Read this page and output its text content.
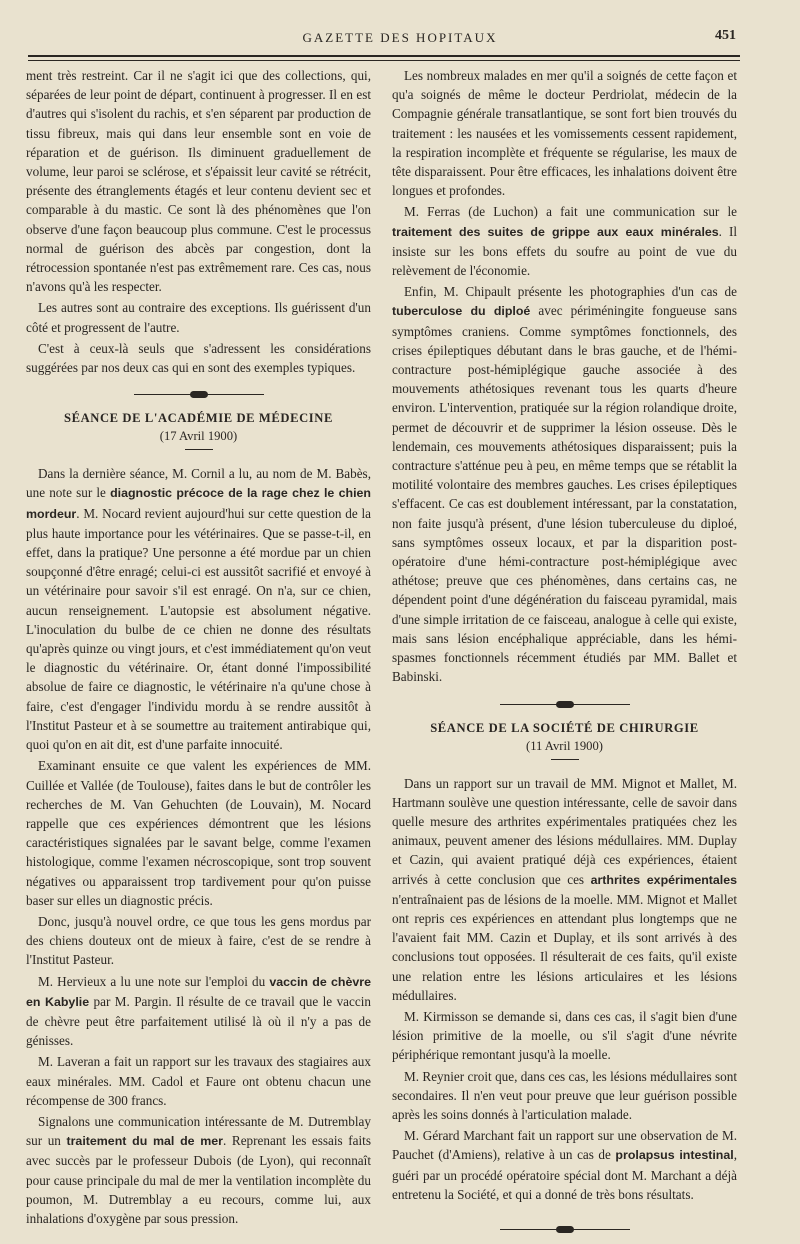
GAZETTE DES HOPITAUX	451

ment très restreint. Car il ne s'agit ici que des collections, qui, séparées de leur point de départ, continuent à progresser. Il en est d'autres qui s'isolent du rachis, et s'en séparent par production de tissu fibreux, mais qui dans leur ensemble sont en voie de réparation et de guérison. Ils diminuent graduellement de volume, leur paroi se sclérose, et s'épaissit leur cavité se rétrécit, présente des étranglements étagés et leur contenu devient sec et comparable à du mastic. Ce sont là des phénomènes que l'on observe d'une façon beaucoup plus commune. C'est le processus normal de guérison des abcès par congestion, dont la rétrocession spontanée n'est pas extrêmement rare. Ces cas, nous n'avons qu'à les respecter.

Les autres sont au contraire des exceptions. Ils guérissent d'un côté et progressent de l'autre.

C'est à ceux-là seuls que s'adressent les considérations suggérées par nos deux cas qui en sont des exemples typiques.

SÉANCE DE L'ACADÉMIE DE MÉDECINE
(17 Avril 1900)

Dans la dernière séance, M. Cornil a lu, au nom de M. Babès, une note sur le diagnostic précoce de la rage chez le chien mordeur. M. Nocard revient aujourd'hui sur cette question de la plus haute importance pour les vétérinaires. Que se passe-t-il, en effet, dans la pratique? Une personne a été mordue par un chien soupçonné d'être enragé; celui-ci est aussitôt sacrifié et envoyé à un vétérinaire pour savoir s'il est enragé. On n'a, sur ce chien, aucun renseignement. L'autopsie est absolument négative. L'inoculation du bulbe de ce chien ne donne des résultats qu'après quinze ou vingt jours, et c'est immédiatement qu'on veut le diagnostic du vétérinaire. Or, étant donné l'impossibilité absolue de faire ce diagnostic, le vétérinaire n'a qu'une chose à faire, c'est d'engager l'individu mordu à se rendre aussitôt à l'Institut Pasteur et à se soumettre au traitement antirabique qui, quoi qu'on en ait dit, est d'une parfaite innocuité.

Examinant ensuite ce que valent les expériences de MM. Cuillée et Vallée (de Toulouse), faites dans le but de contrôler les recherches de M. Van Gehuchten (de Louvain), M. Nocard rappelle que ces expériences démontrent que les lésions caractéristiques signalées par le savant belge, comme l'examen histologique, comme l'examen nécroscopique, sont trop souvent négatives ou apparaissent trop tardivement pour qu'on puisse baser sur elles un diagnostic précis.

Donc, jusqu'à nouvel ordre, ce que tous les gens mordus par des chiens douteux ont de mieux à faire, c'est de se rendre à l'Institut Pasteur.

M. Hervieux a lu une note sur l'emploi du vaccin de chèvre en Kabylie par M. Pargin. Il résulte de ce travail que le vaccin de chèvre peut être parfaitement utilisé là où il n'y a pas de génisses.

M. Laveran a fait un rapport sur les travaux des stagiaires aux eaux minérales. MM. Cadol et Faure ont obtenu chacun une récompense de 300 francs.

Signalons une communication intéressante de M. Dutremblay sur un traitement du mal de mer. Reprenant les essais faits avec succès par le professeur Dubois (de Lyon), qui reconnaît pour cause principale du mal de mer la ventilation incomplète du poumon, M. Dutremblay a eu recours, comme lui, aux inhalations d'oxygène par sous pression.

Les nombreux malades en mer qu'il a soignés de cette façon et qu'a soignés de même le docteur Perdriolat, médecin de la Compagnie générale transatlantique, se sont fort bien trouvés du traitement : les nausées et les vomissements cessent rapidement, la respiration incomplète et fréquente se régularise, les maux de tête disparaissent. Pour être efficaces, les inhalations doivent être longues et profondes.

M. Ferras (de Luchon) a fait une communication sur le traitement des suites de grippe aux eaux minérales. Il insiste sur les bons effets du soufre au point de vue du relèvement de l'économie.

Enfin, M. Chipault présente les photographies d'un cas de tuberculose du diploé avec périméningite fongueuse sans symptômes craniens. Comme symptômes fonctionnels, des crises épileptiques débutant dans le bras gauche, et de l'hémi-contracture post-hémiplégique gauche associée à des mouvements athétosiques revenant tous les quarts d'heure environ. L'intervention, pratiquée sur la région rolandique droite, permet de découvrir et de supprimer la lésion osseuse. Dès le lendemain, ces mouvements athétosiques disparaissent; puis la contracture s'atténue peu à peu, en même temps que se rétablit la motilité volontaire des membres gauches. Les crises épileptiques s'effacent. Ce cas est doublement intéressant, par la constatation, non faite jusqu'à présent, d'une lésion tuberculeuse du diploé, sans symptômes osseux locaux, et par la disparition post-opératoire d'une hémi-contracture post-hémiplégique avec athétose; preuve que ces phénomènes, dans certains cas, ne dépendent point d'une dégénération du faisceau pyramidal, mais d'une simple irritation de ce faisceau, analogue à celle qui existe, mais sans lésion encéphalique appréciable, dans les hémi-spasmes fonctionnels récemment étudiés par MM. Ballet et Babinski.

SÉANCE DE LA SOCIÉTÉ DE CHIRURGIE
(11 Avril 1900)

Dans un rapport sur un travail de MM. Mignot et Mallet, M. Hartmann soulève une question intéressante, celle de savoir dans quelle mesure des arthrites expérimentales pratiquées chez les animaux, peuvent amener des lésions médullaires. MM. Duplay et Cazin, qui avaient pratiqué déjà ces expériences, étaient arrivés à cette conclusion que ces arthrites expérimentales n'entraînaient pas de lésions de la moelle. MM. Mignot et Mallet ont repris ces expériences en attendant plus longtemps que ne l'avaient fait MM. Cazin et Duplay, et ils sont arrivés à des conclusions tout opposées. Il résulterait de ces faits, qu'il existe une relation entre les lésions articulaires et les lésions médullaires.

M. Kirmisson se demande si, dans ces cas, il s'agit bien d'une lésion primitive de la moelle, ou s'il s'agit d'une névrite périphérique remontant jusqu'à la moelle.

M. Reynier croit que, dans ces cas, les lésions médullaires sont secondaires. Il n'en veut pour preuve que leur guérison possible après les soins donnés à l'articulation malade.

M. Gérard Marchant fait un rapport sur une observation de M. Pauchet (d'Amiens), relative à un cas de prolapsus intestinal, guéri par un procédé opératoire spécial dont M. Marchant a déjà entretenu la Société, et qui a donné de très bons résultats.
